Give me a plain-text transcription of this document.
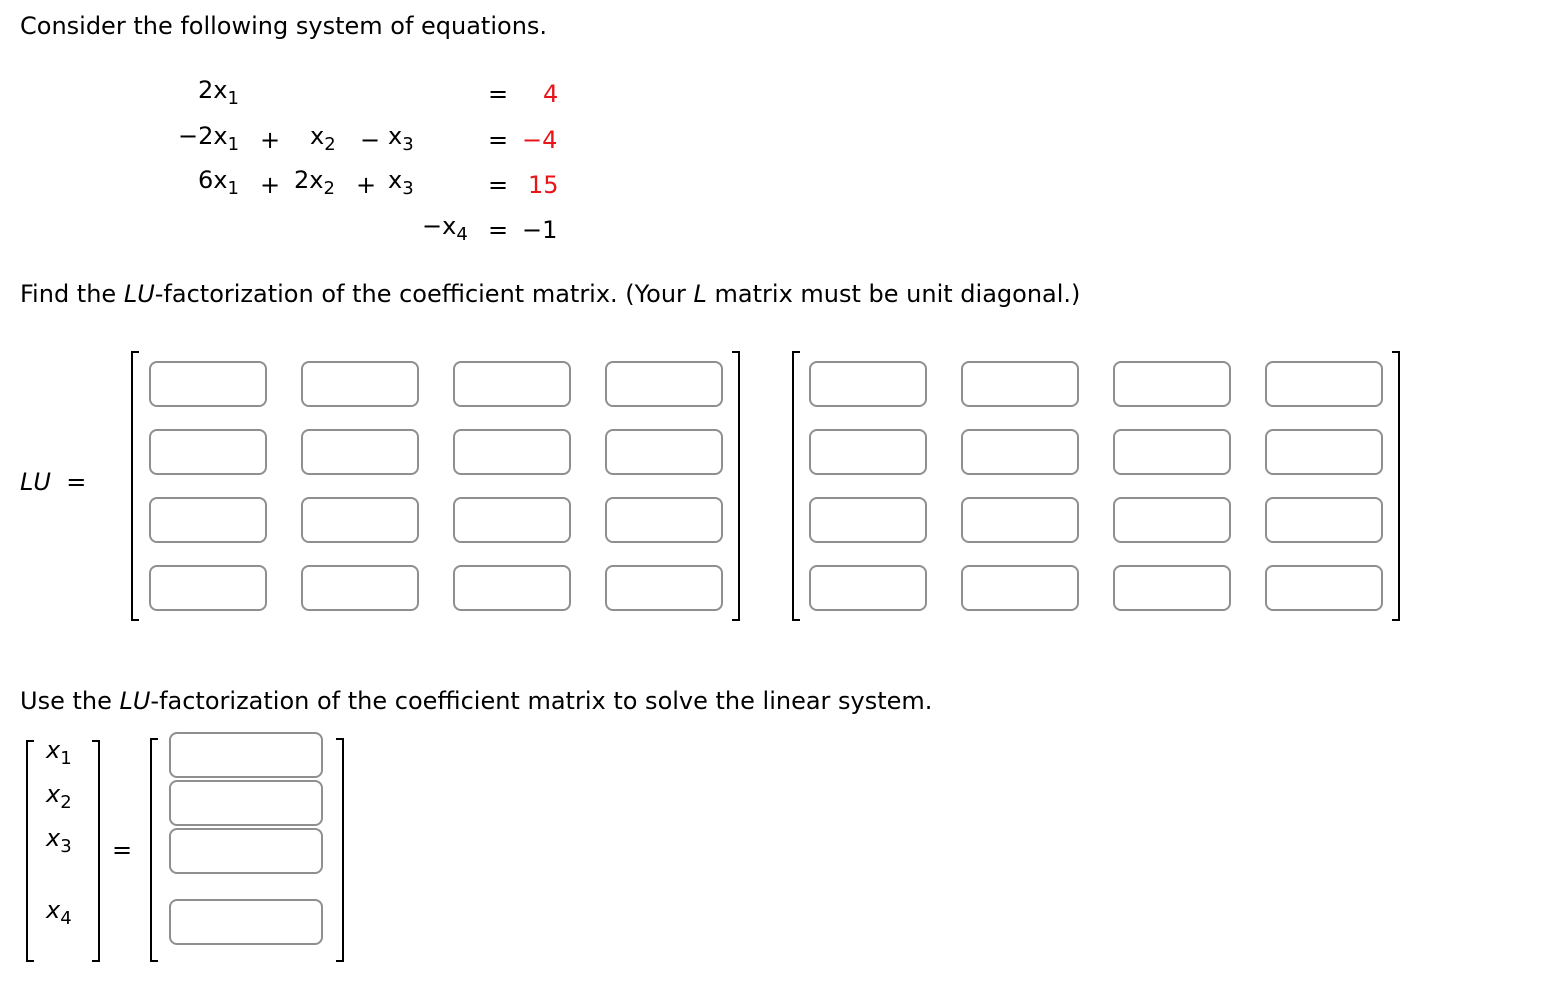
Consider the following system of equations.
$2x_1$	= 4
$-2x_1 + x_2 - x_3$	= −4
$6x_1 + 2x_2 + x_3$	= 15
$-x_4 = -1$
Find the LU-factorization of the coefficient matrix. (Your L matrix must be unit diagonal.)
LU =
Use the LU-factorization of the coefficient matrix to solve the linear system.
$x_1$
$x_2$
$x_3$
$x_4$
=
